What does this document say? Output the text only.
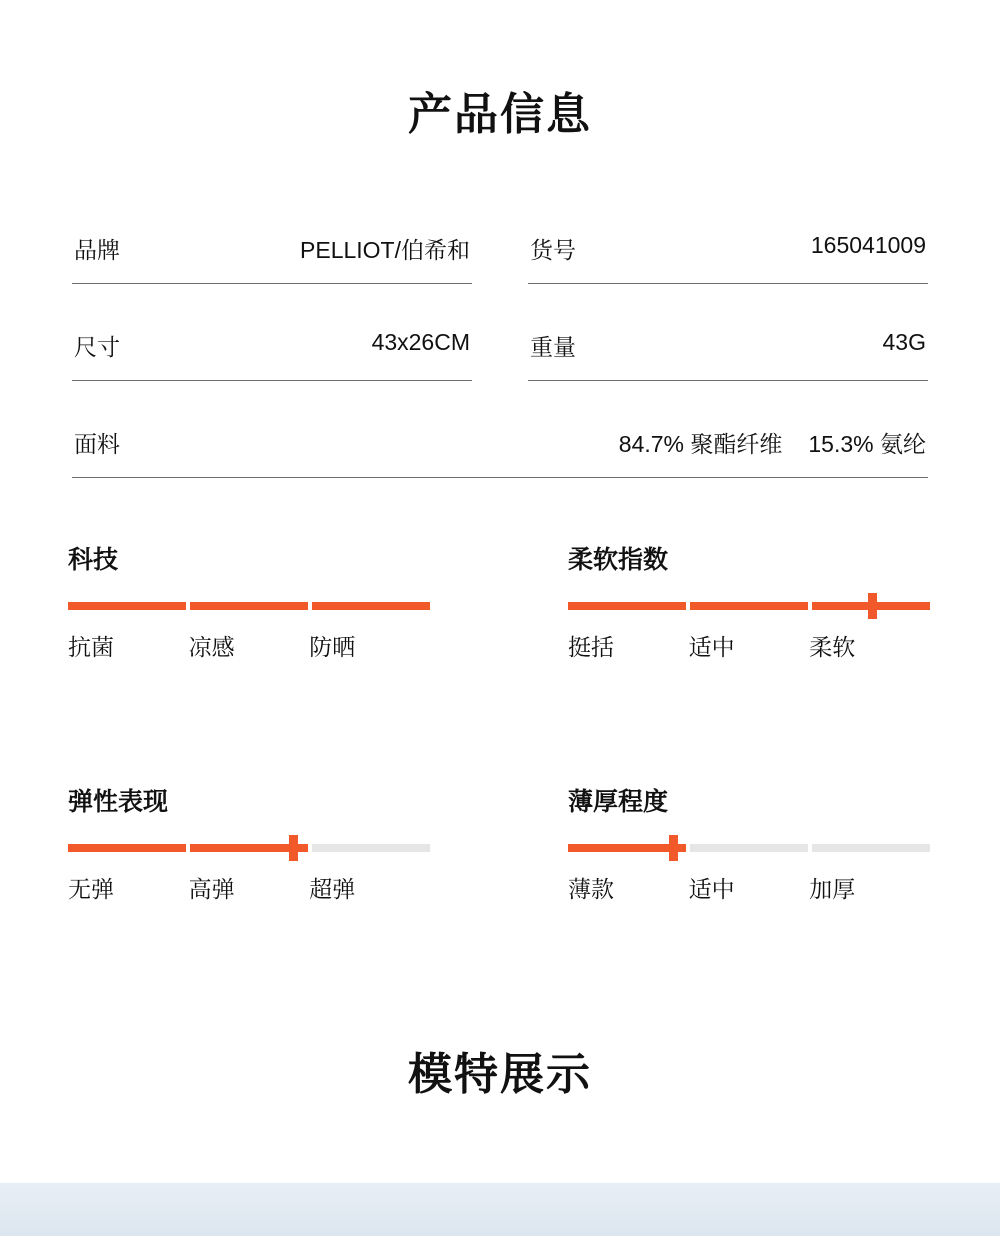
产品信息
品牌	PELLIOT/伯希和	货号	165041009
尺寸	43x26CM	重量	43G
面料	84.7% 聚酯纤维 15.3% 氨纶
科技
抗菌	凉感	防晒
柔软指数
挺括	适中	柔软
弹性表现
无弹	高弹	超弹
薄厚程度
薄款	适中	加厚
模特展示
